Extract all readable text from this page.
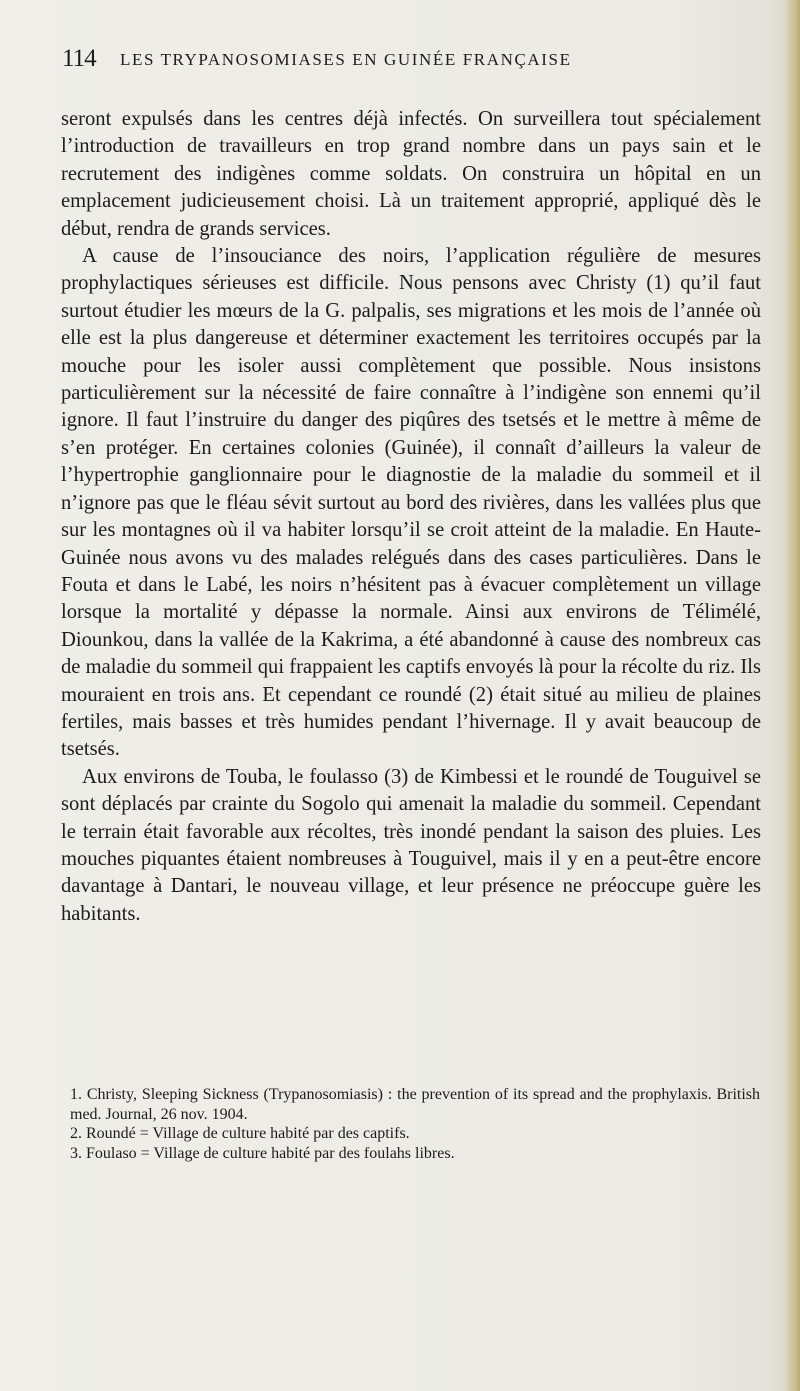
114 LES TRYPANOSOMIASES EN GUINÉE FRANÇAISE

seront expulsés dans les centres déjà infectés. On surveillera tout spécialement l’introduction de travailleurs en trop grand nombre dans un pays sain et le recrutement des indigènes comme soldats. On construira un hôpital en un emplacement judicieusement choisi. Là un traitement approprié, appliqué dès le début, rendra de grands services.

A cause de l’insouciance des noirs, l’application régulière de mesures prophylactiques sérieuses est difficile. Nous pensons avec Christy (1) qu’il faut surtout étudier les mœurs de la G. palpalis, ses migrations et les mois de l’année où elle est la plus dangereuse et déterminer exactement les territoires occupés par la mouche pour les isoler aussi complètement que possible. Nous insistons particulièrement sur la nécessité de faire connaître à l’indigène son ennemi qu’il ignore. Il faut l’instruire du danger des piqûres des tsetsés et le mettre à même de s’en protéger. En certaines colonies (Guinée), il connaît d’ailleurs la valeur de l’hypertrophie ganglionnaire pour le diagnostie de la maladie du sommeil et il n’ignore pas que le fléau sévit surtout au bord des rivières, dans les vallées plus que sur les montagnes où il va habiter lorsqu’il se croit atteint de la maladie. En Haute-Guinée nous avons vu des malades relégués dans des cases particulières. Dans le Fouta et dans le Labé, les noirs n’hésitent pas à évacuer complètement un village lorsque la mortalité y dépasse la normale. Ainsi aux environs de Télimélé, Diounkou, dans la vallée de la Kakrima, a été abandonné à cause des nombreux cas de maladie du sommeil qui frappaient les captifs envoyés là pour la récolte du riz. Ils mouraient en trois ans. Et cependant ce roundé (2) était situé au milieu de plaines fertiles, mais basses et très humides pendant l’hivernage. Il y avait beaucoup de tsetsés.

Aux environs de Touba, le foulasso (3) de Kimbessi et le roundé de Touguivel se sont déplacés par crainte du Sogolo qui amenait la maladie du sommeil. Cependant le terrain était favorable aux récoltes, très inondé pendant la saison des pluies. Les mouches piquantes étaient nombreuses à Touguivel, mais il y en a peut-être encore davantage à Dantari, le nouveau village, et leur présence ne préoccupe guère les habitants.

1. Christy, Sleeping Sickness (Trypanosomiasis) : the prevention of its spread and the prophylaxis. British med. Journal, 26 nov. 1904.

2. Roundé = Village de culture habité par des captifs.

3. Foulaso = Village de culture habité par des foulahs libres.
